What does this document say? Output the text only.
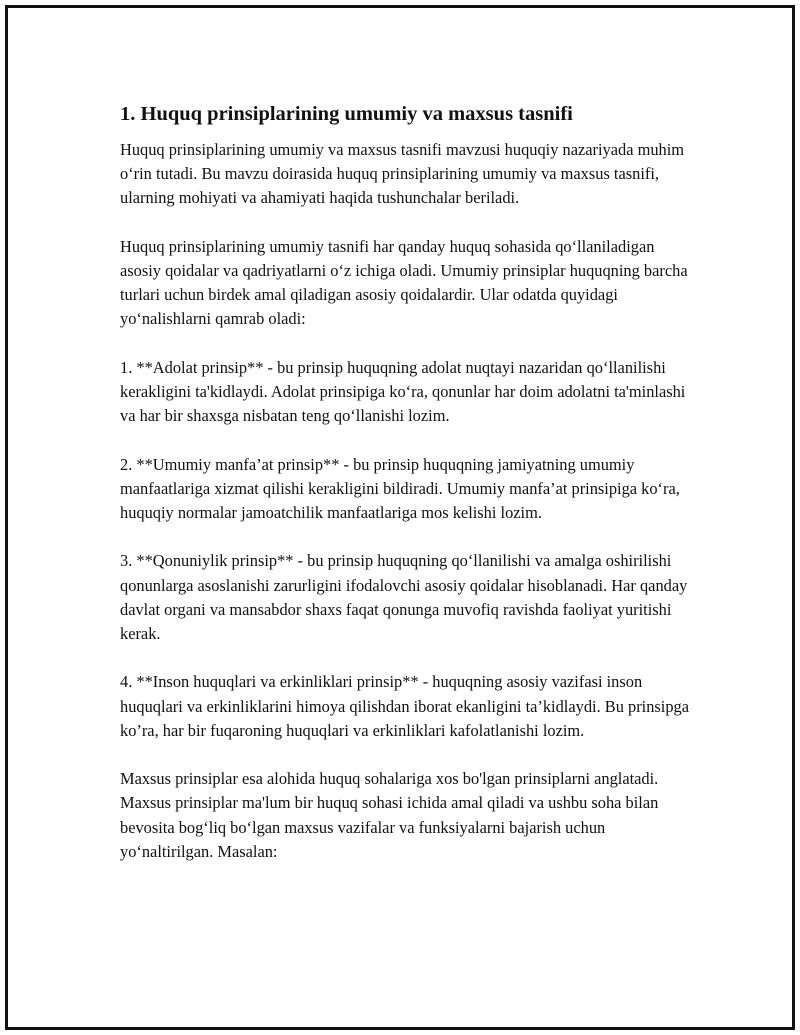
1. Huquq prinsiplarining umumiy va maxsus tasnifi

Huquq prinsiplarining umumiy va maxsus tasnifi mavzusi huquqiy nazariyada muhim o‘rin tutadi. Bu mavzu doirasida huquq prinsiplarining umumiy va maxsus tasnifi, ularning mohiyati va ahamiyati haqida tushunchalar beriladi.

Huquq prinsiplarining umumiy tasnifi har qanday huquq sohasida qo‘llaniladigan asosiy qoidalar va qadriyatlarni o‘z ichiga oladi. Umumiy prinsiplar huquqning barcha turlari uchun birdek amal qiladigan asosiy qoidalardir. Ular odatda quyidagi yo‘nalishlarni qamrab oladi:

1. **Adolat prinsip** - bu prinsip huquqning adolat nuqtayi nazaridan qo‘llanilishi kerakligini ta'kidlaydi. Adolat prinsipiga ko‘ra, qonunlar har doim adolatni ta'minlashi va har bir shaxsga nisbatan teng qo‘llanishi lozim.

2. **Umumiy manfa’at prinsip** - bu prinsip huquqning jamiyatning umumiy manfaatlariga xizmat qilishi kerakligini bildiradi. Umumiy manfa’at prinsipiga ko‘ra, huquqiy normalar jamoatchilik manfaatlariga mos kelishi lozim.

3. **Qonuniylik prinsip** - bu prinsip huquqning qo‘llanilishi va amalga oshirilishi qonunlarga asoslanishi zarurligini ifodalovchi asosiy qoidalar hisoblanadi. Har qanday davlat organi va mansabdor shaxs faqat qonunga muvofiq ravishda faoliyat yuritishi kerak.

4. **Inson huquqlari va erkinliklari prinsip** - huquqning asosiy vazifasi inson huquqlari va erkinliklarini himoya qilishdan iborat ekanligini ta’kidlaydi. Bu prinsipga ko’ra, har bir fuqaroning huquqlari va erkinliklari kafolatlanishi lozim.

Maxsus prinsiplar esa alohida huquq sohalariga xos bo'lgan prinsiplarni anglatadi. Maxsus prinsiplar ma'lum bir huquq sohasi ichida amal qiladi va ushbu soha bilan bevosita bog‘liq bo‘lgan maxsus vazifalar va funksiyalarni bajarish uchun yo‘naltirilgan. Masalan:
